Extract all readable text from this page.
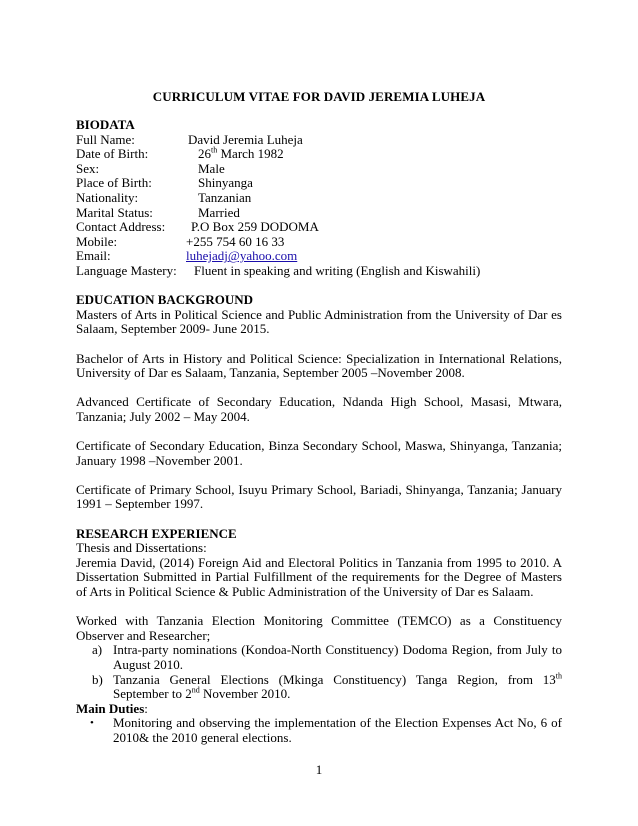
CURRICULUM VITAE FOR DAVID JEREMIA LUHEJA
BIODATA
Full Name:	David Jeremia Luheja
Date of Birth:	26th March 1982
Sex:	Male
Place of Birth:	Shinyanga
Nationality:	Tanzanian
Marital Status:	Married
Contact Address: P.O Box 259 DODOMA
Mobile:	+255 754 60 16 33
Email:	luhejadj@yahoo.com
Language Mastery: Fluent in speaking and writing (English and Kiswahili)
EDUCATION BACKGROUND

Masters of Arts in Political Science and Public Administration from the University of Dar es Salaam, September 2009- June 2015.

Bachelor of Arts in History and Political Science: Specialization in International Relations, University of Dar es Salaam, Tanzania, September 2005 –November 2008.

Advanced Certificate of Secondary Education, Ndanda High School, Masasi, Mtwara, Tanzania; July 2002 – May 2004.

Certificate of Secondary Education, Binza Secondary School, Maswa, Shinyanga, Tanzania; January 1998 –November 2001.

Certificate of Primary School, Isuyu Primary School, Bariadi, Shinyanga, Tanzania; January 1991 – September 1997.

RESEARCH EXPERIENCE

Thesis and Dissertations:

Jeremia David, (2014) Foreign Aid and Electoral Politics in Tanzania from 1995 to 2010. A Dissertation Submitted in Partial Fulfillment of the requirements for the Degree of Masters of Arts in Political Science & Public Administration of the University of Dar es Salaam.

Worked with Tanzania Election Monitoring Committee (TEMCO) as a Constituency Observer and Researcher;

a) Intra-party nominations (Kondoa-North Constituency) Dodoma Region, from July to August 2010.
b) Tanzania General Elections (Mkinga Constituency) Tanga Region, from 13th September to 2nd November 2010.
Main Duties:
• Monitoring and observing the implementation of the Election Expenses Act No, 6 of 2010& the 2010 general elections.
1
